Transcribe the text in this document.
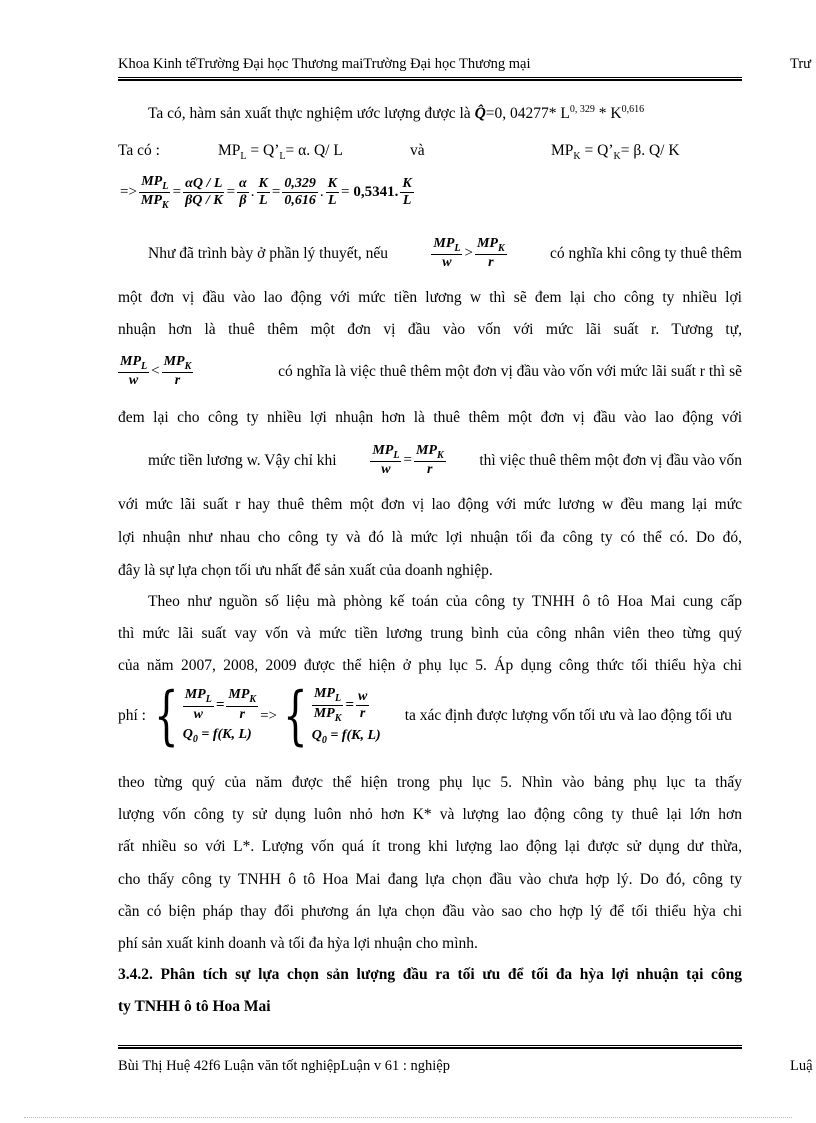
Khoa Kinh tếTrường Đại học Thương maiTrường Đại học Thương mại	Trư
Ta có, hàm sản xuất thực nghiệm ước lượng được là Q̂=0, 04277* L$^{0, 329}$ * K$^{0,616}$
Ta có :	$MP_L$ = $Q’_L= \alpha$. Q/ L	và	$MP_K$ = $Q’_K= \beta$. Q/ K
=> $\frac{MP_L}{MP_K} = \frac{\alpha Q / L}{\beta Q / K} = \frac{\alpha}{\beta}$ . $\frac{K}{L} = \frac{0,329}{0,616}$ . $\frac{K}{L} = 0,5341$. $\frac{K}{L}$
Như đã trình bày ở phần lý thuyết, nếu	$\frac{MP_L}{w} > \frac{MP_K}{r}$	có nghĩa khi công ty thuê thêm
một đơn vị đầu vào lao động với mức tiền lương w thì sẽ đem lại cho công ty nhiều lợi
nhuận hơn là thuê thêm một đơn vị đầu vào vốn với mức lãi suất r. Tương tự,
$\frac{MP_L}{w} < \frac{MP_K}{r}$	có nghĩa là việc thuê thêm một đơn vị đầu vào vốn với mức lãi suất r thì sẽ
đem lại cho công ty nhiều lợi nhuận hơn là thuê thêm một đơn vị đầu vào lao động với
mức tiền lương w. Vậy chỉ khi $\frac{MP_L}{w} = \frac{MP_K}{r}$ thì việc thuê thêm một đơn vị đầu vào vốn
với mức lãi suất r hay thuê thêm một đơn vị lao động với mức lương w đều mang lại mức
lợi nhuận như nhau cho công ty và đó là mức lợi nhuận tối đa công ty có thể có. Do đó,
đây là sự lựa chọn tối ưu nhất để sản xuất của doanh nghiệp.
Theo như nguồn số liệu mà phòng kế toán của công ty TNHH ô tô Hoa Mai cung cấp
thì mức lãi suất vay vốn và mức tiền lương trung bình của công nhân viên theo từng quý
của năm 2007, 2008, 2009 được thể hiện ở phụ lục 5. Áp dụng công thức tối thiểu hỳa chi
phí : { $\frac{MP_L}{w} = \frac{MP_K}{r}$
$Q_0 = f(K$, L)
=> { $\frac{MP_L}{MP_K} = \frac{w}{r}$
$Q_0 = f(K$, L)
ta xác định được lượng vốn tối ưu và lao động tối ưu
theo từng quý của năm được thể hiện trong phụ lục 5. Nhìn vào bảng phụ lục ta thấy
lượng vốn công ty sử dụng luôn nhỏ hơn K* và lượng lao động công ty thuê lại lớn hơn
rất nhiều so với L*. Lượng vốn quá ít trong khi lượng lao động lại được sử dụng dư thừa,
cho thấy công ty TNHH ô tô Hoa Mai đang lựa chọn đầu vào chưa hợp lý. Do đó, công ty
cần có biện pháp thay đổi phương án lựa chọn đầu vào sao cho hợp lý để tối thiểu hỳa chi
phí sản xuất kinh doanh và tối đa hỳa lợi nhuận cho mình.
3.4.2. Phân tích sự lựa chọn sản lượng đầu ra tối ưu để tối đa hỳa lợi nhuận tại công
ty TNHH ô tô Hoa Mai
Bùi Thị Huệ 42f6 Luận văn tốt nghiệpLuận v 61 : nghiệp	Luậ
